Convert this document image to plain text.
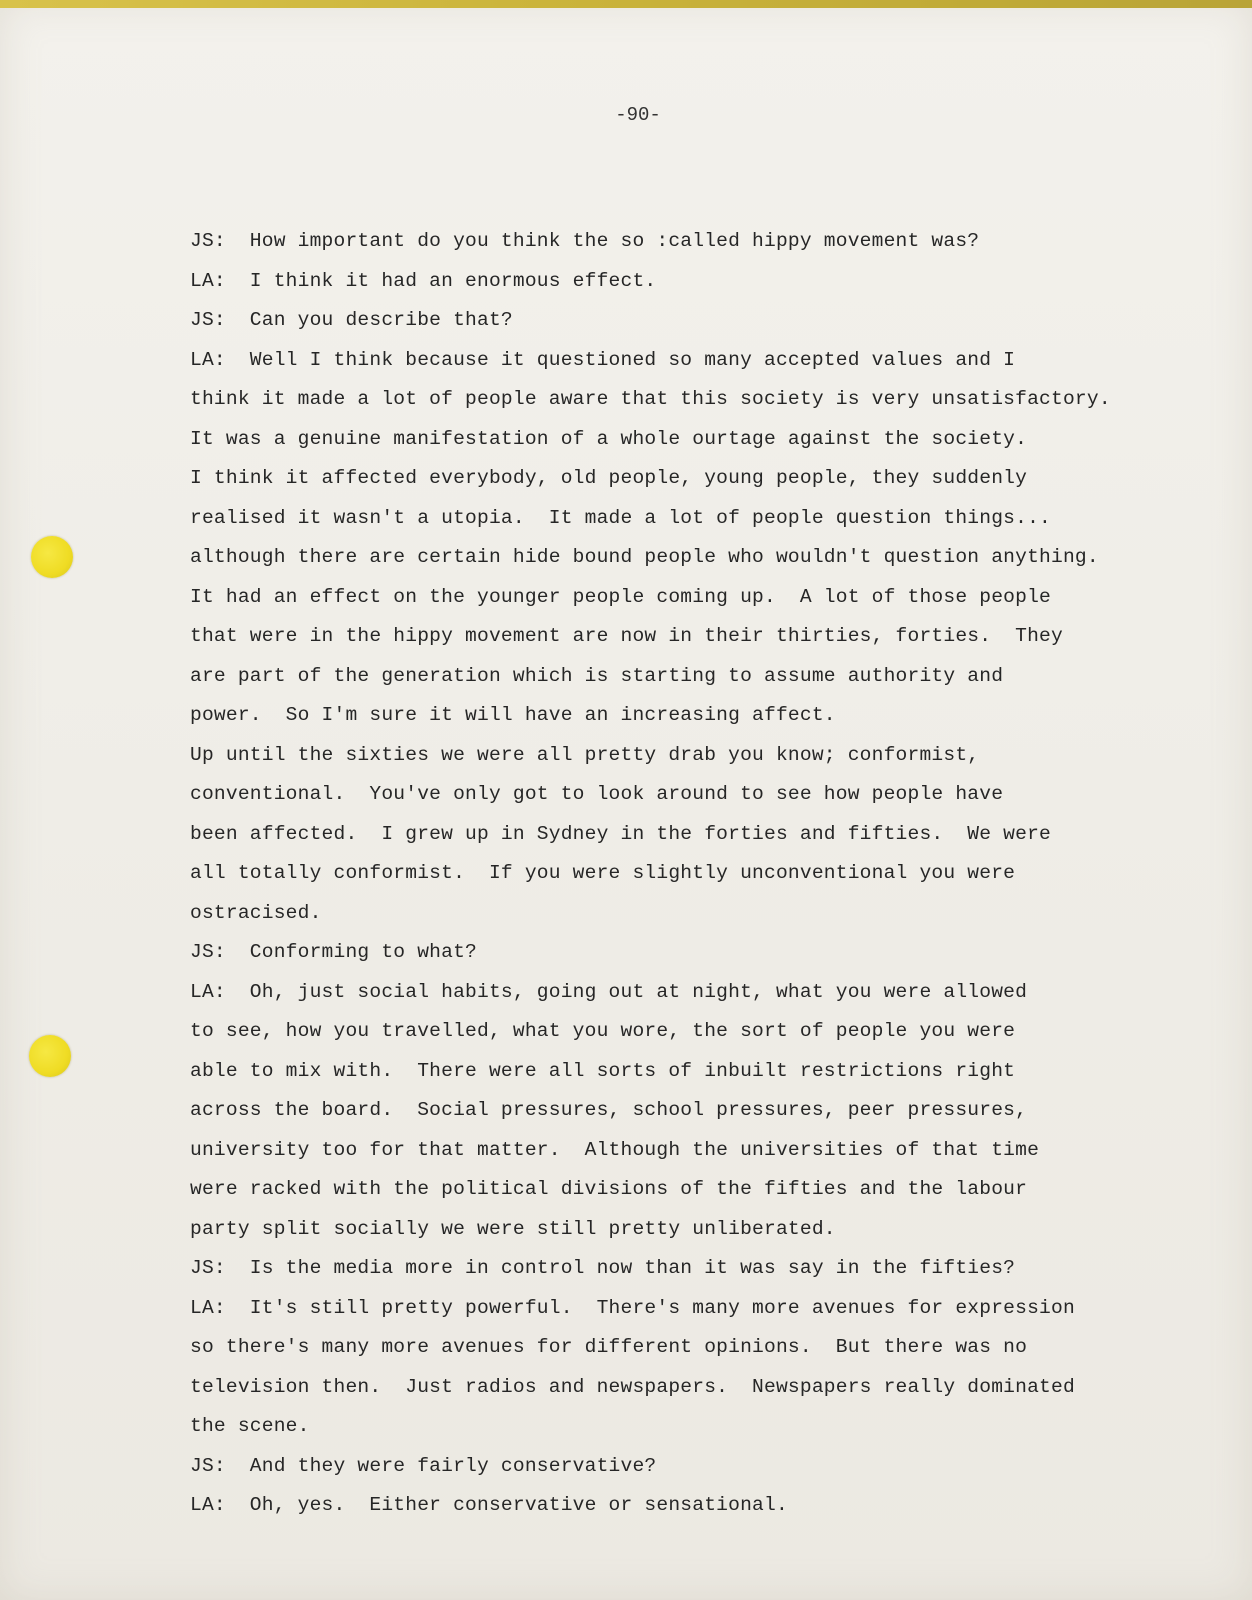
-90-
JS:  How important do you think the so :called hippy movement was?
LA:  I think it had an enormous effect.
JS:  Can you describe that?
LA:  Well I think because it questioned so many accepted values and I
think it made a lot of people aware that this society is very unsatisfactory.
It was a genuine manifestation of a whole ourtage against the society.
I think it affected everybody, old people, young people, they suddenly
realised it wasn't a utopia.  It made a lot of people question things...
although there are certain hide bound people who wouldn't question anything.
It had an effect on the younger people coming up.  A lot of those people
that were in the hippy movement are now in their thirties, forties.  They
are part of the generation which is starting to assume authority and
power.  So I'm sure it will have an increasing affect.
Up until the sixties we were all pretty drab you know; conformist,
conventional.  You've only got to look around to see how people have
been affected.  I grew up in Sydney in the forties and fifties.  We were
all totally conformist.  If you were slightly unconventional you were
ostracised.
JS:  Conforming to what?
LA:  Oh, just social habits, going out at night, what you were allowed
to see, how you travelled, what you wore, the sort of people you were
able to mix with.  There were all sorts of inbuilt restrictions right
across the board.  Social pressures, school pressures, peer pressures,
university too for that matter.  Although the universities of that time
were racked with the political divisions of the fifties and the labour
party split socially we were still pretty unliberated.
JS:  Is the media more in control now than it was say in the fifties?
LA:  It's still pretty powerful.  There's many more avenues for expression
so there's many more avenues for different opinions.  But there was no
television then.  Just radios and newspapers.  Newspapers really dominated
the scene.
JS:  And they were fairly conservative?
LA:  Oh, yes.  Either conservative or sensational.
